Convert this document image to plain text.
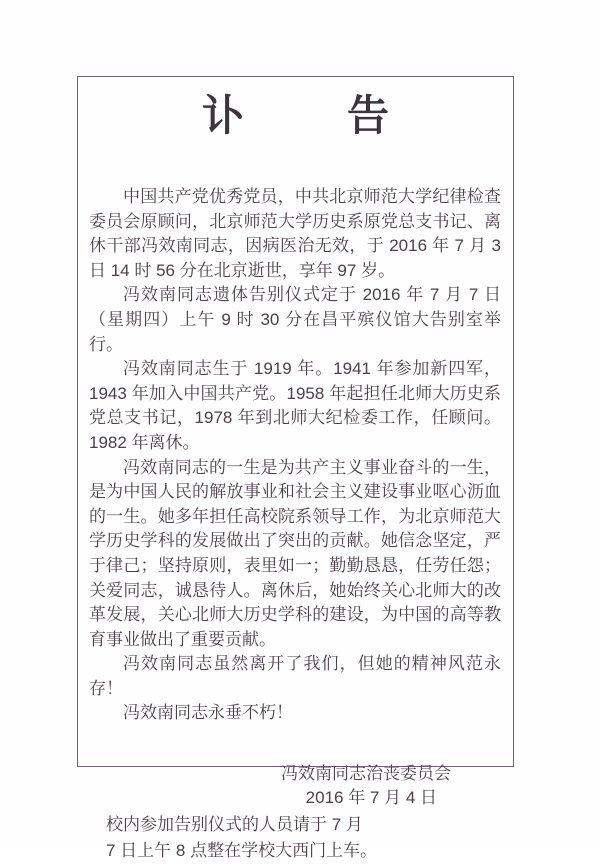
讣 告

中国共产党优秀党员，中共北京师范大学纪律检查委员会原顾问，北京师范大学历史系原党总支书记、离休干部冯效南同志，因病医治无效，于 2016 年 7 月 3 日 14 时 56 分在北京逝世，享年 97 岁。

冯效南同志遗体告别仪式定于 2016 年 7 月 7 日（星期四）上午 9 时 30 分在昌平殡仪馆大告别室举行。

冯效南同志生于 1919 年。1941 年参加新四军，1943 年加入中国共产党。1958 年起担任北师大历史系党总支书记，1978 年到北师大纪检委工作，任顾问。1982 年离休。

冯效南同志的一生是为共产主义事业奋斗的一生，是为中国人民的解放事业和社会主义建设事业呕心沥血的一生。她多年担任高校院系领导工作，为北京师范大学历史学科的发展做出了突出的贡献。她信念坚定，严于律己；坚持原则，表里如一；勤勤恳恳，任劳任怨；关爱同志，诚恳待人。离休后，她始终关心北师大的改革发展，关心北师大历史学科的建设，为中国的高等教育事业做出了重要贡献。

冯效南同志虽然离开了我们，但她的精神风范永存！

冯效南同志永垂不朽！

冯效南同志治丧委员会
2016 年 7 月 4 日
校内参加告别仪式的人员请于 7 月
7 日上午 8 点整在学校大西门上车。
